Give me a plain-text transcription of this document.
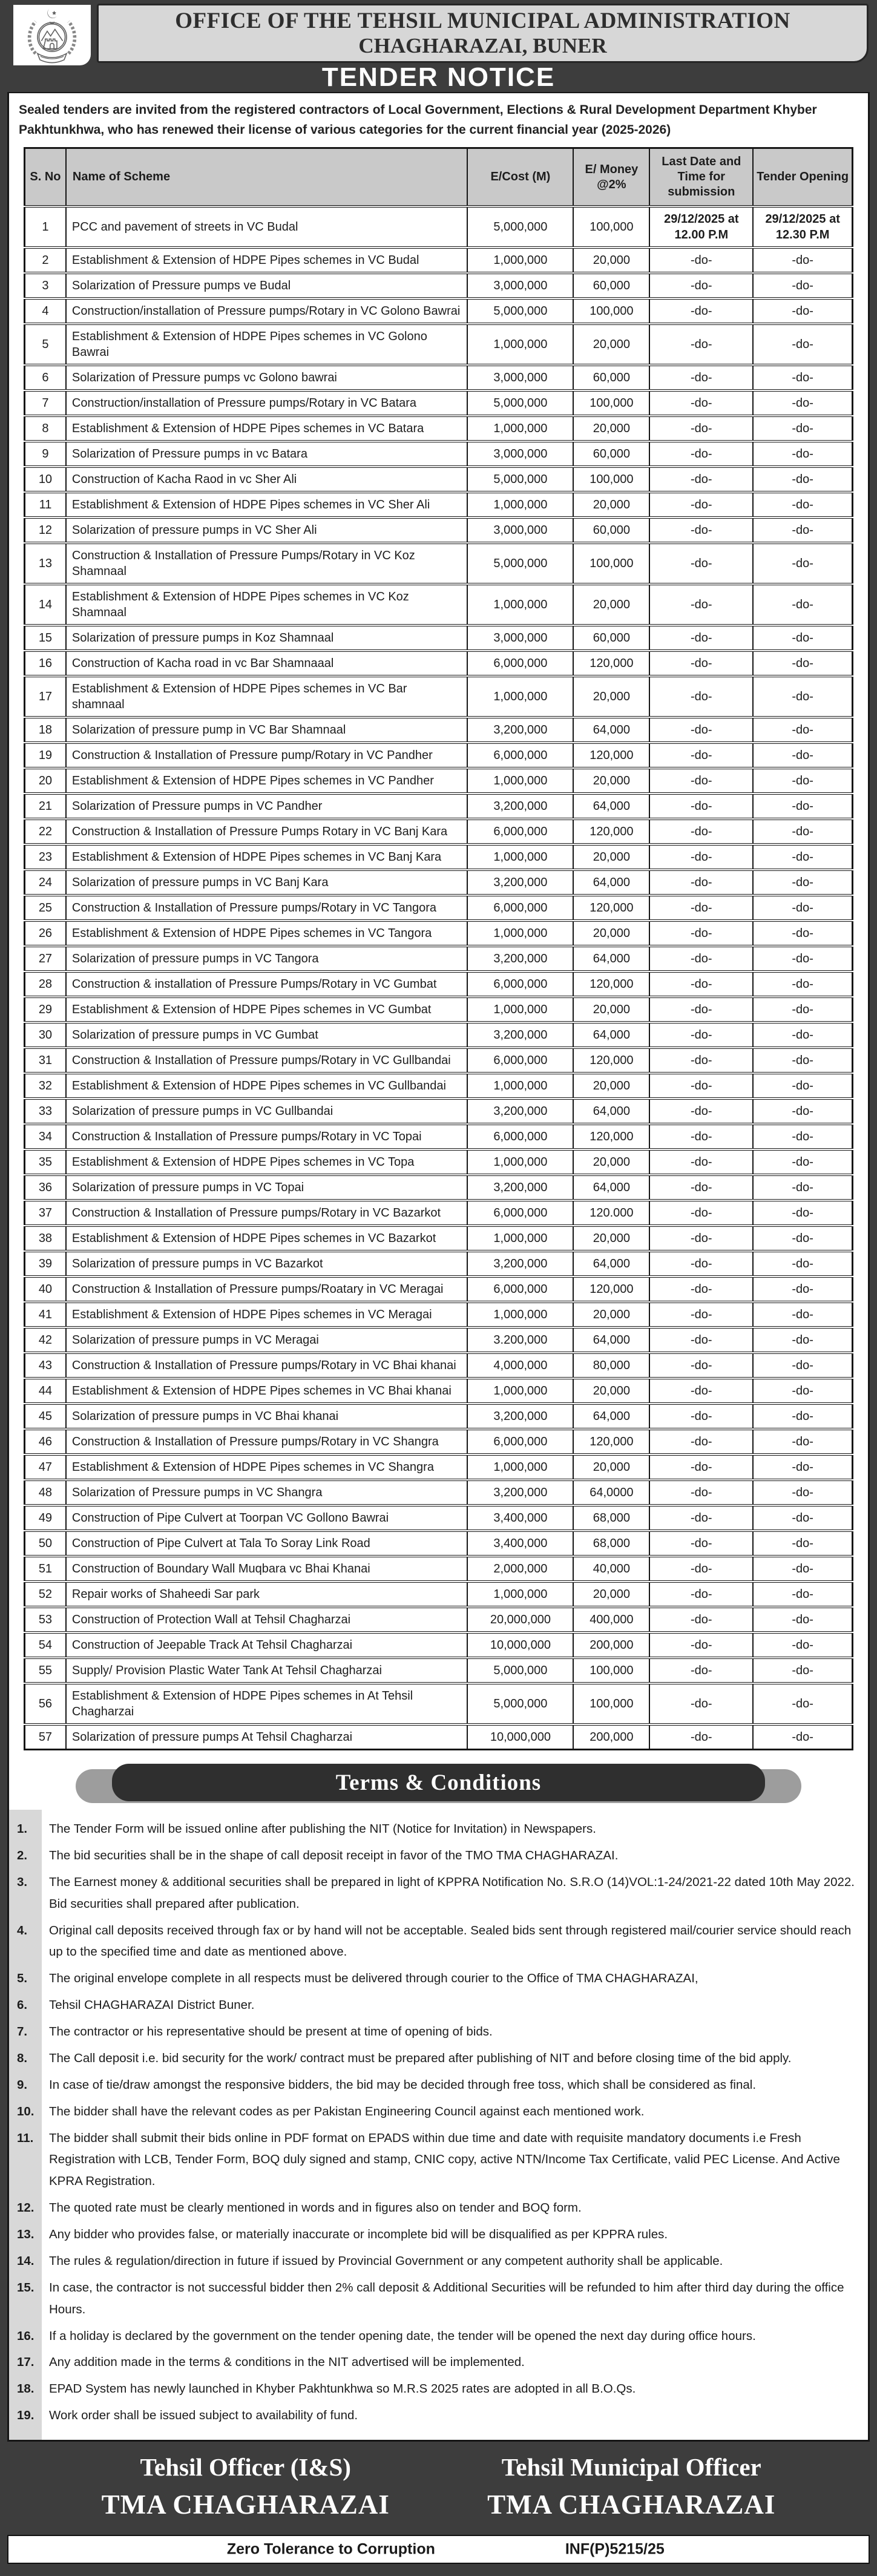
OFFICE OF THE TEHSIL MUNICIPAL ADMINISTRATION
CHAGHARAZAI, BUNER
TENDER NOTICE
Sealed tenders are invited from the registered contractors of Local Government, Elections & Rural Development Department Khyber Pakhtunkhwa, who has renewed their license of various categories for the current financial year (2025-2026)
S. No	Name of Scheme	E/Cost (M)	E/ Money @2%	Last Date and Time for submission	Tender Opening
1	PCC and pavement of streets in VC Budal	5,000,000	100,000	29/12/2025 at 12.00 P.M	29/12/2025 at 12.30 P.M
2	Establishment & Extension of HDPE Pipes schemes in VC Budal	1,000,000	20,000	-do-	-do-
3	Solarization of Pressure pumps ve Budal	3,000,000	60,000	-do-	-do-
4	Construction/installation of Pressure pumps/Rotary in VC Golono Bawrai	5,000,000	100,000	-do-	-do-
5	Establishment & Extension of HDPE Pipes schemes in VC Golono Bawrai	1,000,000	20,000	-do-	-do-
6	Solarization of Pressure pumps vc Golono bawrai	3,000,000	60,000	-do-	-do-
7	Construction/installation of Pressure pumps/Rotary in VC Batara	5,000,000	100,000	-do-	-do-
8	Establishment & Extension of HDPE Pipes schemes in VC Batara	1,000,000	20,000	-do-	-do-
9	Solarization of Pressure pumps in vc Batara	3,000,000	60,000	-do-	-do-
10	Construction of Kacha Raod in vc Sher Ali	5,000,000	100,000	-do-	-do-
11	Establishment & Extension of HDPE Pipes schemes in VC Sher Ali	1,000,000	20,000	-do-	-do-
12	Solarization of pressure pumps in VC Sher Ali	3,000,000	60,000	-do-	-do-
13	Construction & Installation of Pressure Pumps/Rotary in VC Koz Shamnaal	5,000,000	100,000	-do-	-do-
14	Establishment & Extension of HDPE Pipes schemes in VC Koz Shamnaal	1,000,000	20,000	-do-	-do-
15	Solarization of pressure pumps in Koz Shamnaal	3,000,000	60,000	-do-	-do-
16	Construction of Kacha road in vc Bar Shamnaaal	6,000,000	120,000	-do-	-do-
17	Establishment & Extension of HDPE Pipes schemes in VC Bar shamnaal	1,000,000	20,000	-do-	-do-
18	Solarization of pressure pump in VC Bar Shamnaal	3,200,000	64,000	-do-	-do-
19	Construction & Installation of Pressure pump/Rotary in VC Pandher	6,000,000	120,000	-do-	-do-
20	Establishment & Extension of HDPE Pipes schemes in VC Pandher	1,000,000	20,000	-do-	-do-
21	Solarization of Pressure pumps in VC Pandher	3,200,000	64,000	-do-	-do-
22	Construction & Installation of Pressure Pumps Rotary in VC Banj Kara	6,000,000	120,000	-do-	-do-
23	Establishment & Extension of HDPE Pipes schemes in VC Banj Kara	1,000,000	20,000	-do-	-do-
24	Solarization of pressure pumps in VC Banj Kara	3,200,000	64,000	-do-	-do-
25	Construction & Installation of Pressure pumps/Rotary in VC Tangora	6,000,000	120,000	-do-	-do-
26	Establishment & Extension of HDPE Pipes schemes in VC Tangora	1,000,000	20,000	-do-	-do-
27	Solarization of pressure pumps in VC Tangora	3,200,000	64,000	-do-	-do-
28	Construction & installation of Pressure Pumps/Rotary in VC Gumbat	6,000,000	120,000	-do-	-do-
29	Establishment & Extension of HDPE Pipes schemes in VC Gumbat	1,000,000	20,000	-do-	-do-
30	Solarization of pressure pumps in VC Gumbat	3,200,000	64,000	-do-	-do-
31	Construction & Installation of Pressure pumps/Rotary in VC Gullbandai	6,000,000	120,000	-do-	-do-
32	Establishment & Extension of HDPE Pipes schemes in VC Gullbandai	1,000,000	20,000	-do-	-do-
33	Solarization of pressure pumps in VC Gullbandai	3,200,000	64,000	-do-	-do-
34	Construction & Installation of Pressure pumps/Rotary in VC Topai	6,000,000	120,000	-do-	-do-
35	Establishment & Extension of HDPE Pipes schemes in VC Topa	1,000,000	20,000	-do-	-do-
36	Solarization of pressure pumps in VC Topai	3,200,000	64,000	-do-	-do-
37	Construction & Installation of Pressure pumps/Rotary in VC Bazarkot	6,000,000	120.000	-do-	-do-
38	Establishment & Extension of HDPE Pipes schemes in VC Bazarkot	1,000,000	20,000	-do-	-do-
39	Solarization of pressure pumps in VC Bazarkot	3,200,000	64,000	-do-	-do-
40	Construction & Installation of Pressure pumps/Roatary in VC Meragai	6,000,000	120,000	-do-	-do-
41	Establishment & Extension of HDPE Pipes schemes in VC Meragai	1,000,000	20,000	-do-	-do-
42	Solarization of pressure pumps in VC Meragai	3.200,000	64,000	-do-	-do-
43	Construction & Installation of Pressure pumps/Rotary in VC Bhai khanai	4,000,000	80,000	-do-	-do-
44	Establishment & Extension of HDPE Pipes schemes in VC Bhai khanai	1,000,000	20,000	-do-	-do-
45	Solarization of pressure pumps in VC Bhai khanai	3,200,000	64,000	-do-	-do-
46	Construction & Installation of Pressure pumps/Rotary in VC Shangra	6,000,000	120,000	-do-	-do-
47	Establishment & Extension of HDPE Pipes schemes in VC Shangra	1,000,000	20,000	-do-	-do-
48	Solarization of Pressure pumps in VC Shangra	3,200,000	64,0000	-do-	-do-
49	Construction of Pipe Culvert at Toorpan VC Gollono Bawrai	3,400,000	68,000	-do-	-do-
50	Construction of Pipe Culvert at Tala To Soray Link Road	3,400,000	68,000	-do-	-do-
51	Construction of Boundary Wall Muqbara vc Bhai Khanai	2,000,000	40,000	-do-	-do-
52	Repair works of Shaheedi Sar park	1,000,000	20,000	-do-	-do-
53	Construction of Protection Wall at Tehsil Chagharzai	20,000,000	400,000	-do-	-do-
54	Construction of Jeepable Track At Tehsil Chagharzai	10,000,000	200,000	-do-	-do-
55	Supply/ Provision Plastic Water Tank At Tehsil Chagharzai	5,000,000	100,000	-do-	-do-
56	Establishment & Extension of HDPE Pipes schemes in At Tehsil Chagharzai	5,000,000	100,000	-do-	-do-
57	Solarization of pressure pumps At Tehsil Chagharzai	10,000,000	200,000	-do-	-do-
Terms & Conditions
1.	The Tender Form will be issued online after publishing the NIT (Notice for Invitation) in Newspapers.
2.	The bid securities shall be in the shape of call deposit receipt in favor of the TMO TMA CHAGHARAZAI.
3.	The Earnest money & additional securities shall be prepared in light of KPPRA Notification No. S.R.O (14)VOL:1-24/2021-22 dated 10th May 2022. Bid securities shall prepared after publication.
4.	Original call deposits received through fax or by hand will not be acceptable. Sealed bids sent through registered mail/courier service should reach up to the specified time and date as mentioned above.
5.	The original envelope complete in all respects must be delivered through courier to the Office of TMA CHAGHARAZAI,
6.	Tehsil CHAGHARAZAI District Buner.
7.	The contractor or his representative should be present at time of opening of bids.
8.	The Call deposit i.e. bid security for the work/ contract must be prepared after publishing of NIT and before closing time of the bid apply.
9.	In case of tie/draw amongst the responsive bidders, the bid may be decided through free toss, which shall be considered as final.
10.	The bidder shall have the relevant codes as per Pakistan Engineering Council against each mentioned work.
11.	The bidder shall submit their bids online in PDF format on EPADS within due time and date with requisite mandatory documents i.e Fresh Registration with LCB, Tender Form, BOQ duly signed and stamp, CNIC copy, active NTN/Income Tax Certificate, valid PEC License. And Active KPRA Registration.
12.	The quoted rate must be clearly mentioned in words and in figures also on tender and BOQ form.
13.	Any bidder who provides false, or materially inaccurate or incomplete bid will be disqualified as per KPPRA rules.
14.	The rules & regulation/direction in future if issued by Provincial Government or any competent authority shall be applicable.
15.	In case, the contractor is not successful bidder then 2% call deposit & Additional Securities will be refunded to him after third day during the office Hours.
16.	If a holiday is declared by the government on the tender opening date, the tender will be opened the next day during office hours.
17.	Any addition made in the terms & conditions in the NIT advertised will be implemented.
18.	EPAD System has newly launched in Khyber Pakhtunkhwa so M.R.S 2025 rates are adopted in all B.O.Qs.
19.	Work order shall be issued subject to availability of fund.
Tehsil Officer (I&S)
TMA CHAGHARAZAI
Tehsil Municipal Officer
TMA CHAGHARAZAI
Zero Tolerance to Corruption	INF(P)5215/25
